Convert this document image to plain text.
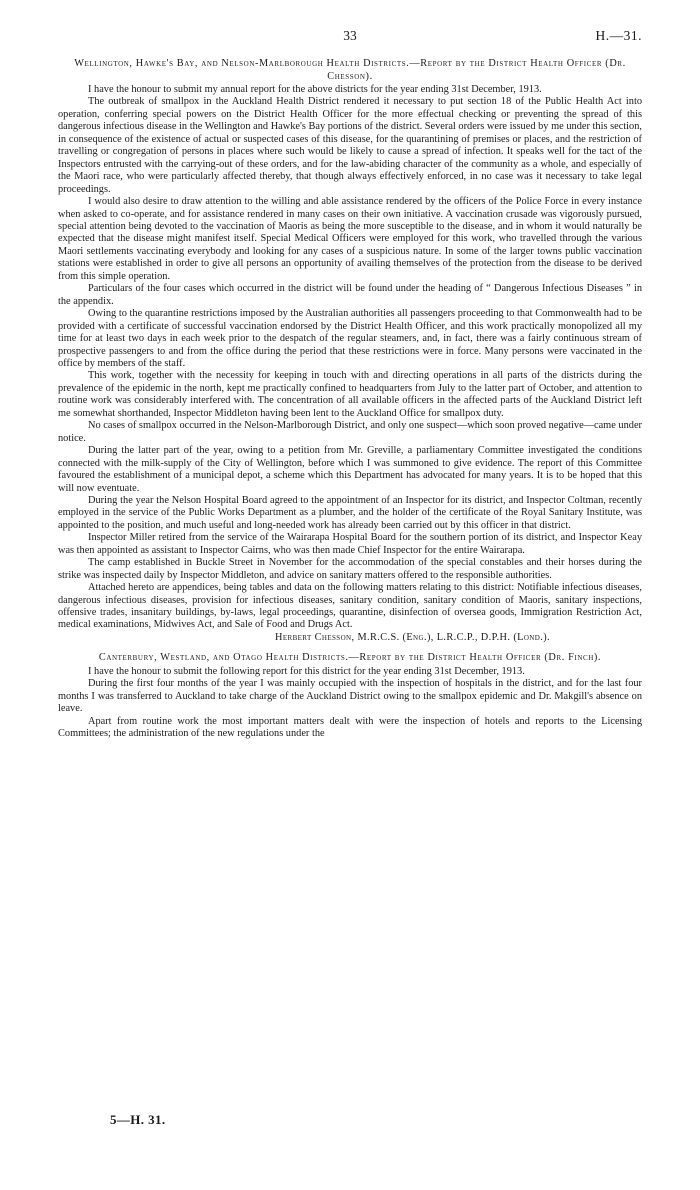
33	H.—31.
Wellington, Hawke's Bay, and Nelson-Marlborough Health Districts.—Report by the District Health Officer (Dr. Chesson).

I have the honour to submit my annual report for the above districts for the year ending 31st December, 1913.

The outbreak of smallpox in the Auckland Health District rendered it necessary to put section 18 of the Public Health Act into operation, conferring special powers on the District Health Officer for the more effectual checking or preventing the spread of this dangerous infectious disease in the Wellington and Hawke's Bay portions of the district. Several orders were issued by me under this section, in consequence of the existence of actual or suspected cases of this disease, for the quarantining of premises or places, and the restriction of travelling or congregation of persons in places where such would be likely to cause a spread of infection. It speaks well for the tact of the Inspectors entrusted with the carrying-out of these orders, and for the law-abiding character of the community as a whole, and especially of the Maori race, who were particularly affected thereby, that though always effectively enforced, in no case was it necessary to take legal proceedings.

I would also desire to draw attention to the willing and able assistance rendered by the officers of the Police Force in every instance when asked to co-operate, and for assistance rendered in many cases on their own initiative. A vaccination crusade was vigorously pursued, special attention being devoted to the vaccination of Maoris as being the more susceptible to the disease, and in whom it would naturally be expected that the disease might manifest itself. Special Medical Officers were employed for this work, who travelled through the various Maori settlements vaccinating everybody and looking for any cases of a suspicious nature. In some of the larger towns public vaccination stations were established in order to give all persons an opportunity of availing themselves of the protection from the disease to be derived from this simple operation.

Particulars of the four cases which occurred in the district will be found under the heading of “ Dangerous Infectious Diseases ” in the appendix.

Owing to the quarantine restrictions imposed by the Australian authorities all passengers proceeding to that Commonwealth had to be provided with a certificate of successful vaccination endorsed by the District Health Officer, and this work practically monopolized all my time for at least two days in each week prior to the despatch of the regular steamers, and, in fact, there was a fairly continuous stream of prospective passengers to and from the office during the period that these restrictions were in force. Many persons were vaccinated in the office by members of the staff.

This work, together with the necessity for keeping in touch with and directing operations in all parts of the districts during the prevalence of the epidemic in the north, kept me practically confined to headquarters from July to the latter part of October, and attention to routine work was considerably interfered with. The concentration of all available officers in the affected parts of the Auckland District left me somewhat shorthanded, Inspector Middleton having been lent to the Auckland Office for smallpox duty.

No cases of smallpox occurred in the Nelson-Marlborough District, and only one suspect—which soon proved negative—came under notice.

During the latter part of the year, owing to a petition from Mr. Greville, a parliamentary Committee investigated the conditions connected with the milk-supply of the City of Wellington, before which I was summoned to give evidence. The report of this Committee favoured the establishment of a municipal depot, a scheme which this Department has advocated for many years. It is to be hoped that this will now eventuate.

During the year the Nelson Hospital Board agreed to the appointment of an Inspector for its district, and Inspector Coltman, recently employed in the service of the Public Works Department as a plumber, and the holder of the certificate of the Royal Sanitary Institute, was appointed to the position, and much useful and long-needed work has already been carried out by this officer in that district.

Inspector Miller retired from the service of the Wairarapa Hospital Board for the southern portion of its district, and Inspector Keay was then appointed as assistant to Inspector Cairns, who was then made Chief Inspector for the entire Wairarapa.

The camp established in Buckle Street in November for the accommodation of the special constables and their horses during the strike was inspected daily by Inspector Middleton, and advice on sanitary matters offered to the responsible authorities.

Attached hereto are appendices, being tables and data on the following matters relating to this district: Notifiable infectious diseases, dangerous infectious diseases, provision for infectious diseases, sanitary condition, sanitary condition of Maoris, sanitary inspections, offensive trades, insanitary buildings, by-laws, legal proceedings, quarantine, disinfection of oversea goods, Immigration Restriction Act, medical examinations, Midwives Act, and Sale of Food and Drugs Act.

Herbert Chesson, M.R.C.S. (Eng.), L.R.C.P., D.P.H. (Lond.).
Canterbury, Westland, and Otago Health Districts.—Report by the District Health Officer (Dr. Finch).

I have the honour to submit the following report for this district for the year ending 31st December, 1913.

During the first four months of the year I was mainly occupied with the inspection of hospitals in the district, and for the last four months I was transferred to Auckland to take charge of the Auckland District owing to the smallpox epidemic and Dr. Makgill's absence on leave.

Apart from routine work the most important matters dealt with were the inspection of hotels and reports to the Licensing Committees; the administration of the new regulations under the

5—H. 31.
